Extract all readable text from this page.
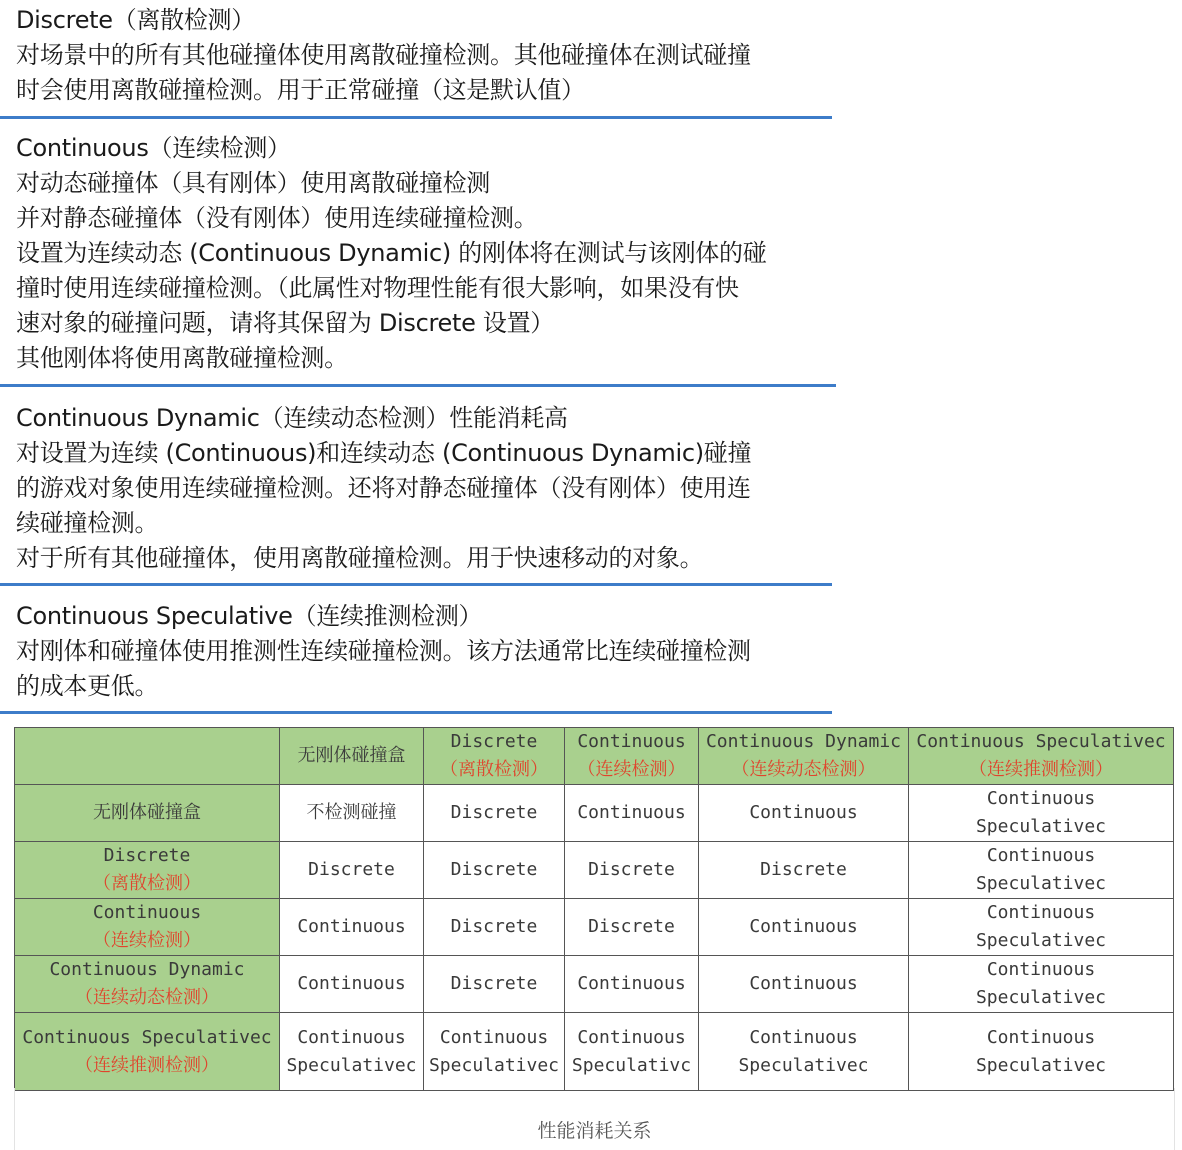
Discrete（离散检测）
对场景中的所有其他碰撞体使用离散碰撞检测。其他碰撞体在测试碰撞
时会使用离散碰撞检测。用于正常碰撞（这是默认值）
Continuous（连续检测）
对动态碰撞体（具有刚体）使用离散碰撞检测
并对静态碰撞体（没有刚体）使用连续碰撞检测。
设置为连续动态 (Continuous Dynamic) 的刚体将在测试与该刚体的碰
撞时使用连续碰撞检测。（此属性对物理性能有很大影响，如果没有快
速对象的碰撞问题，请将其保留为 Discrete 设置）
其他刚体将使用离散碰撞检测。
Continuous Dynamic（连续动态检测）性能消耗高
对设置为连续 (Continuous)和连续动态 (Continuous Dynamic)碰撞
的游戏对象使用连续碰撞检测。还将对静态碰撞体（没有刚体）使用连
续碰撞检测。
对于所有其他碰撞体，使用离散碰撞检测。用于快速移动的对象。
Continuous Speculative（连续推测检测）
对刚体和碰撞体使用推测性连续碰撞检测。该方法通常比连续碰撞检测
的成本更低。

	无刚体碰撞盒	Discrete
（离散检测）	Continuous
（连续检测）	Continuous Dynamic
（连续动态检测）	Continuous Speculativec
（连续推测检测）

无刚体碰撞盒	不检测碰撞	Discrete	Continuous	Continuous	Continuous
Speculativec

Discrete
（离散检测）	Discrete	Discrete	Discrete	Discrete	Continuous
Speculativec

Continuous
（连续检测）	Continuous	Discrete	Discrete	Continuous	Continuous
Speculativec

Continuous Dynamic
（连续动态检测）	Continuous	Discrete	Continuous	Continuous	Continuous
Speculativec

Continuous Speculativec
（连续推测检测）	Continuous
Speculativec	Continuous
Speculativec	Continuous
Speculativc	Continuous
Speculativec	Continuous
Speculativec
性能消耗关系
